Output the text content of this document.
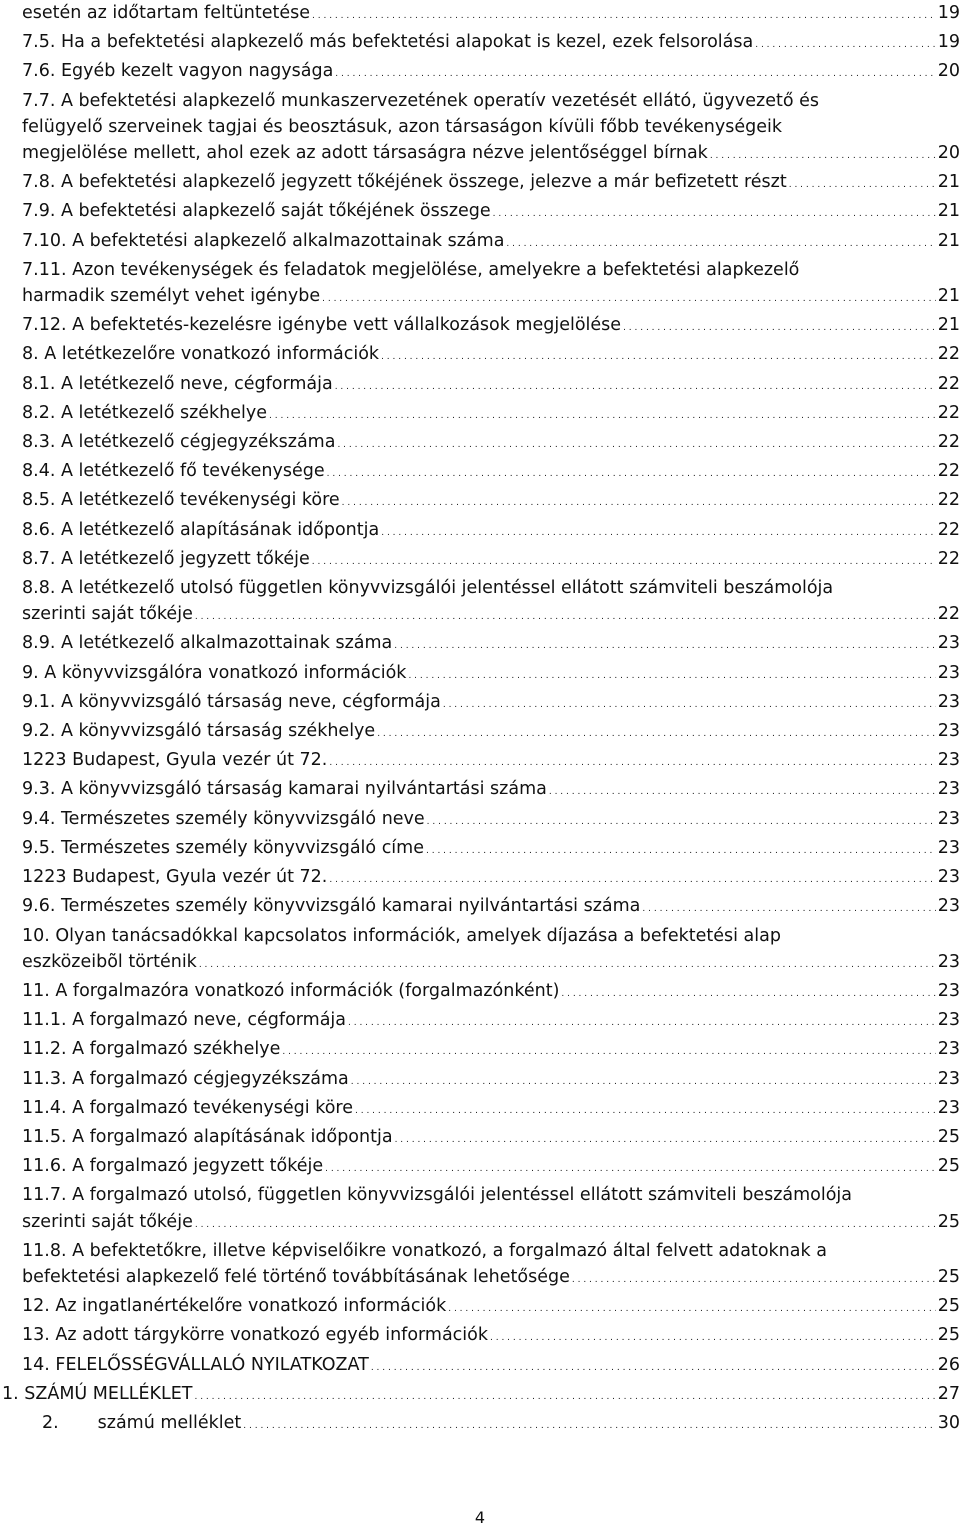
esetén az időtartam feltüntetése . . .	19
7.5. Ha a befektetési alapkezelő más befektetési alapokat is kezel, ezek felsorolása . . .	19
7.6. Egyéb kezelt vagyon nagysága . . .	20
7.7. A befektetési alapkezelő munkaszervezetének operatív vezetését ellátó, ügyvezető és
felügyelő szerveinek tagjai és beosztásuk, azon társaságon kívüli főbb tevékenységeik
megjelölése mellett, ahol ezek az adott társaságra nézve jelentőséggel bírnak . . .	20
7.8. A befektetési alapkezelő jegyzett tőkéjének összege, jelezve a már befizetett részt . . .	21
7.9. A befektetési alapkezelő saját tőkéjének összege . . .	21
7.10. A befektetési alapkezelő alkalmazottainak száma . . .	21
7.11. Azon tevékenységek és feladatok megjelölése, amelyekre a befektetési alapkezelő
harmadik személyt vehet igénybe . . .	21
7.12. A befektetés-kezelésre igénybe vett vállalkozások megjelölése . . .	21
8. A letétkezelőre vonatkozó információk . . .	22
8.1. A letétkezelő neve, cégformája . . .	22
8.2. A letétkezelő székhelye . . .	22
8.3. A letétkezelő cégjegyzékszáma . . .	22
8.4. A letétkezelő fő tevékenysége . . .	22
8.5. A letétkezelő tevékenységi köre . . .	22
8.6. A letétkezelő alapításának időpontja . . .	22
8.7. A letétkezelő jegyzett tőkéje . . .	22
8.8. A letétkezelő utolsó független könyvvizsgálói jelentéssel ellátott számviteli beszámolója
szerinti saját tőkéje . . .	22
8.9. A letétkezelő alkalmazottainak száma . . .	23
9. A könyvvizsgálóra vonatkozó információk . . .	23
9.1. A könyvvizsgáló társaság neve, cégformája . . .	23
9.2. A könyvvizsgáló társaság székhelye . . .	23
1223 Budapest, Gyula vezér út 72. . . .	23
9.3. A könyvvizsgáló társaság kamarai nyilvántartási száma . . .	23
9.4. Természetes személy könyvvizsgáló neve . . .	23
9.5. Természetes személy könyvvizsgáló címe . . .	23
1223 Budapest, Gyula vezér út 72. . . .	23
9.6. Természetes személy könyvvizsgáló kamarai nyilvántartási száma . . .	23
10. Olyan tanácsadókkal kapcsolatos információk, amelyek díjazása a befektetési alap
eszközeibõl történik . . .	23
11. A forgalmazóra vonatkozó információk (forgalmazónként) . . .	23
11.1. A forgalmazó neve, cégformája . . .	23
11.2. A forgalmazó székhelye . . .	23
11.3. A forgalmazó cégjegyzékszáma . . .	23
11.4. A forgalmazó tevékenységi köre . . .	23
11.5. A forgalmazó alapításának időpontja . . .	25
11.6. A forgalmazó jegyzett tőkéje . . .	25
11.7. A forgalmazó utolsó, független könyvvizsgálói jelentéssel ellátott számviteli beszámolója
szerinti saját tőkéje . . .	25
11.8. A befektetőkre, illetve képviselőikre vonatkozó, a forgalmazó által felvett adatoknak a
befektetési alapkezelő felé történő továbbításának lehetősége . . .	25
12. Az ingatlanértékelőre vonatkozó információk . . .	25
13. Az adott tárgykörre vonatkozó egyéb információk . . .	25
14. FELELŐSSÉGVÁLLALÓ NYILATKOZAT . . .	26
1. SZÁMÚ MELLÉKLET . . .	27
2.       számú melléklet . . .	30
4
